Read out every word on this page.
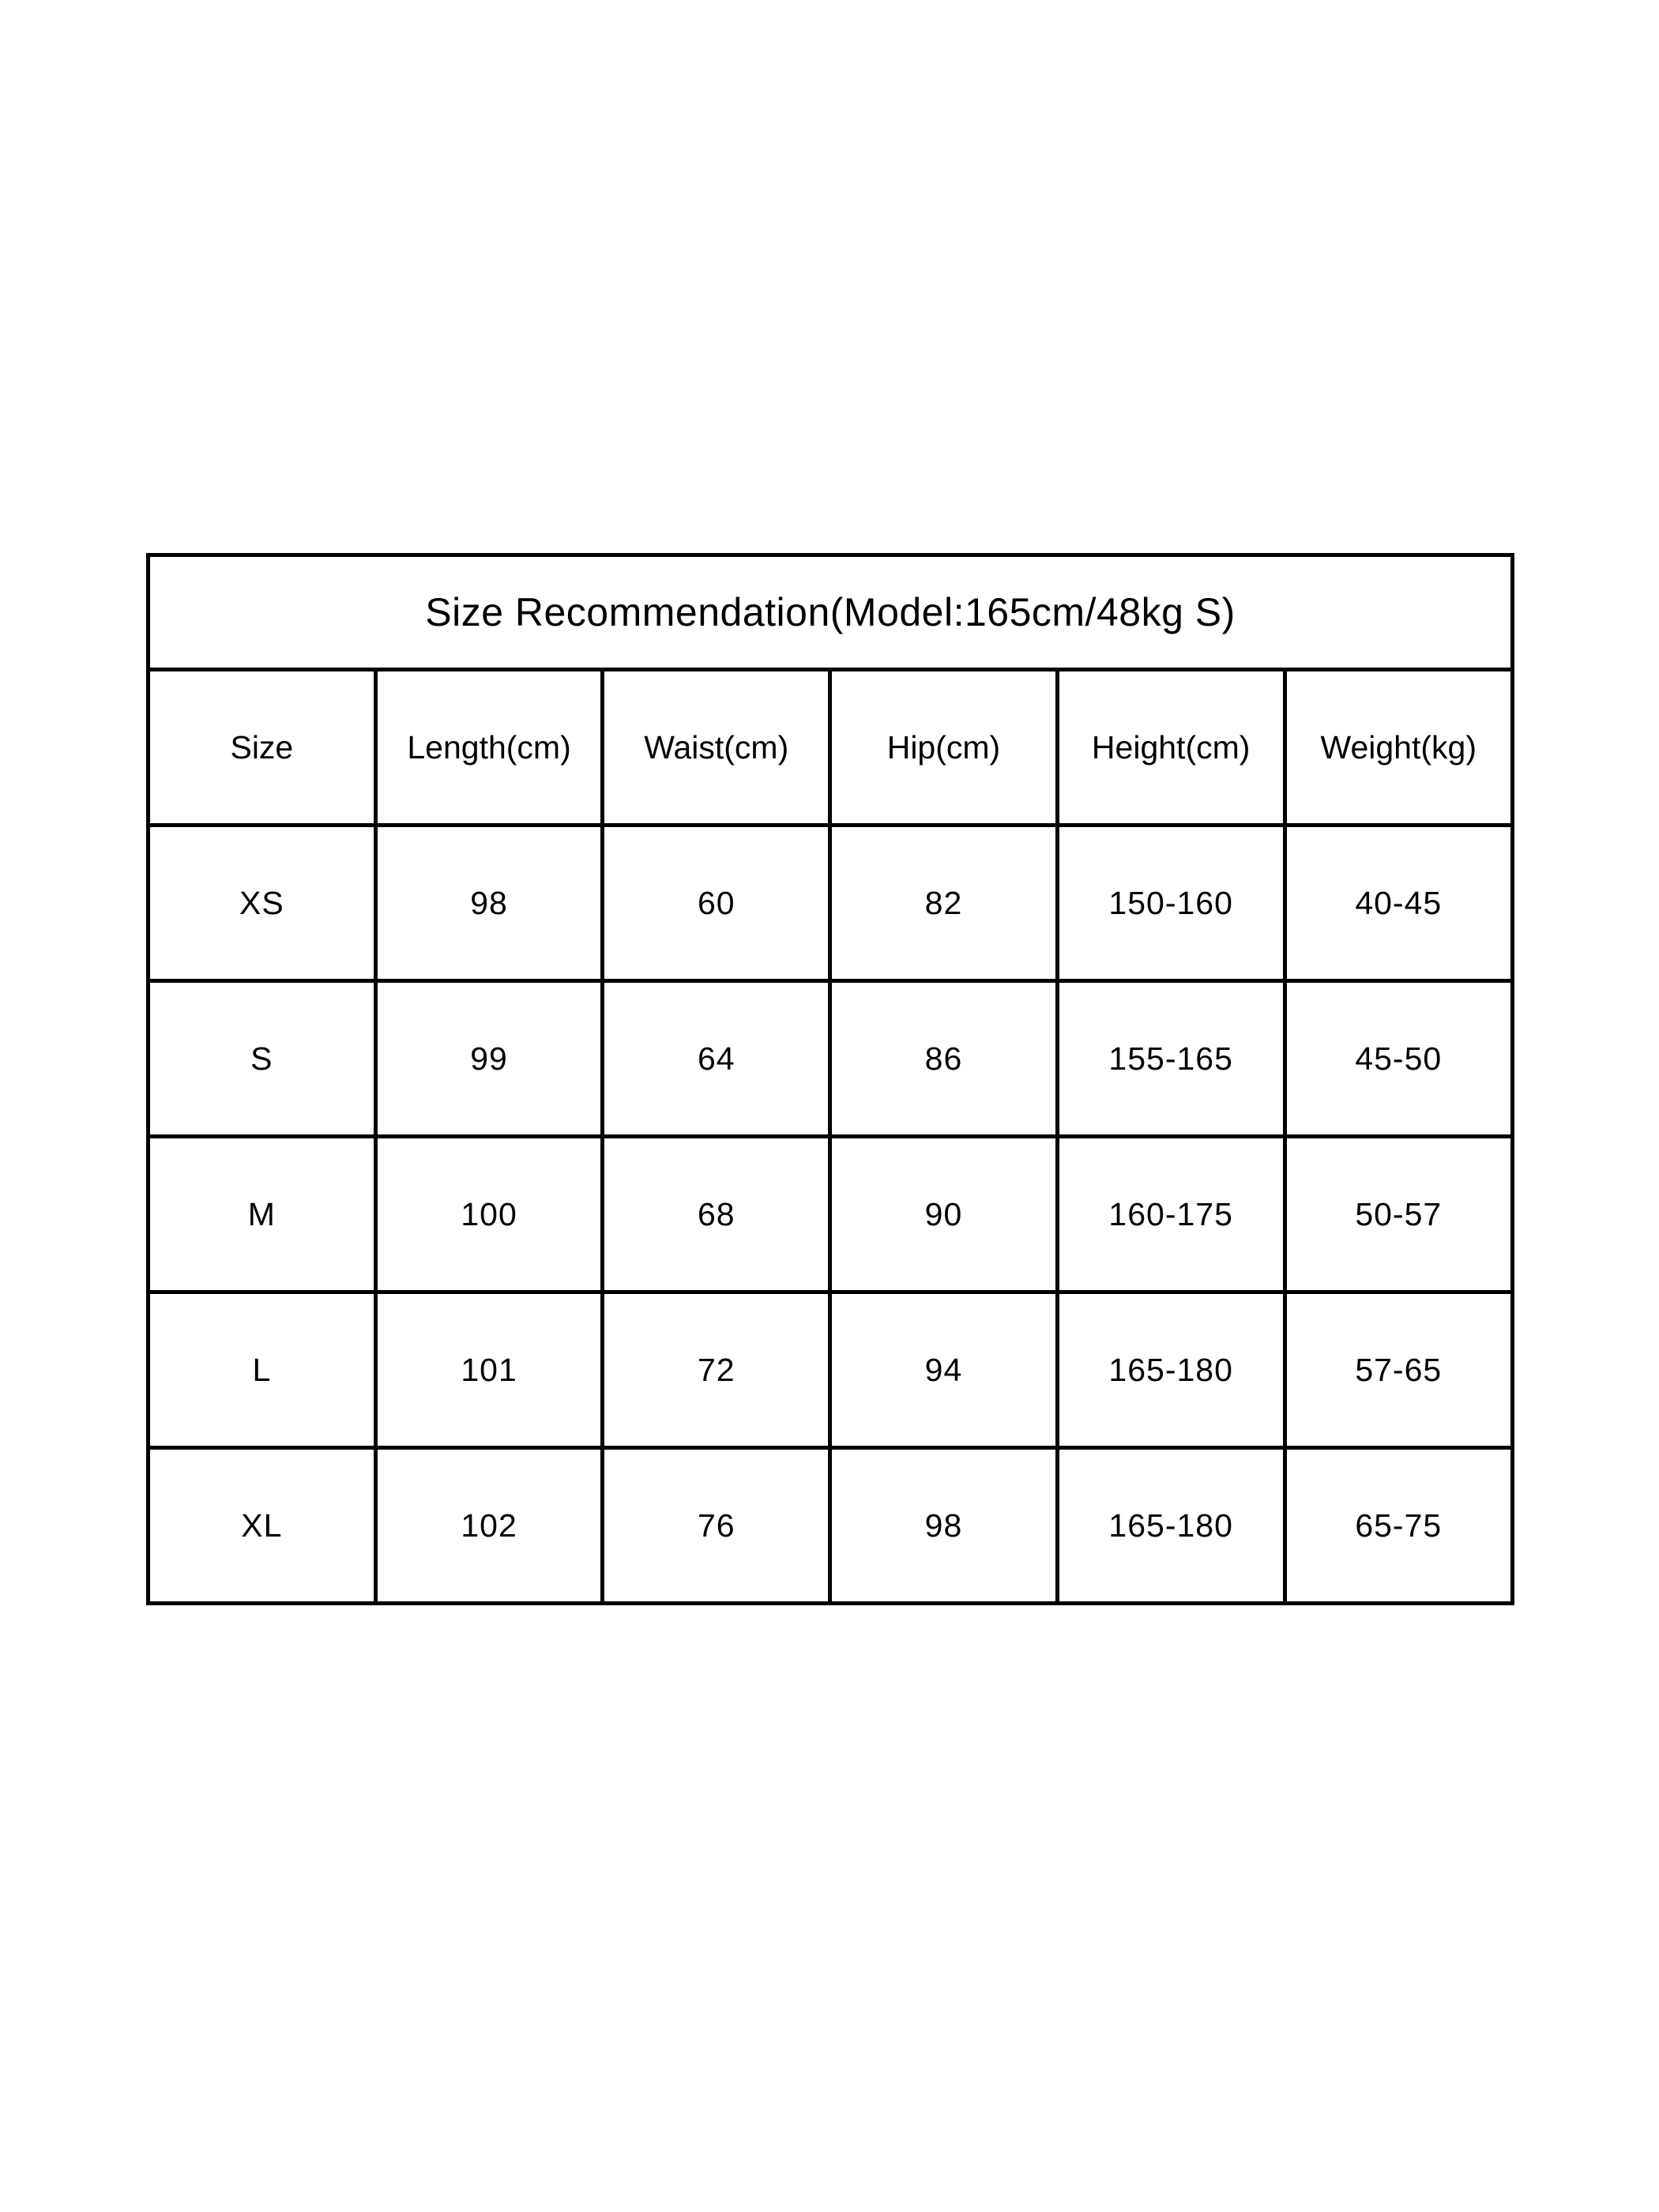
Size Recommendation(Model:165cm/48kg S)					
Size	Length(cm)	Waist(cm)	Hip(cm)	Height(cm)	Weight(kg)
XS	98	60	82	150-160	40-45
S	99	64	86	155-165	45-50
M	100	68	90	160-175	50-57
L	101	72	94	165-180	57-65
XL	102	76	98	165-180	65-75
